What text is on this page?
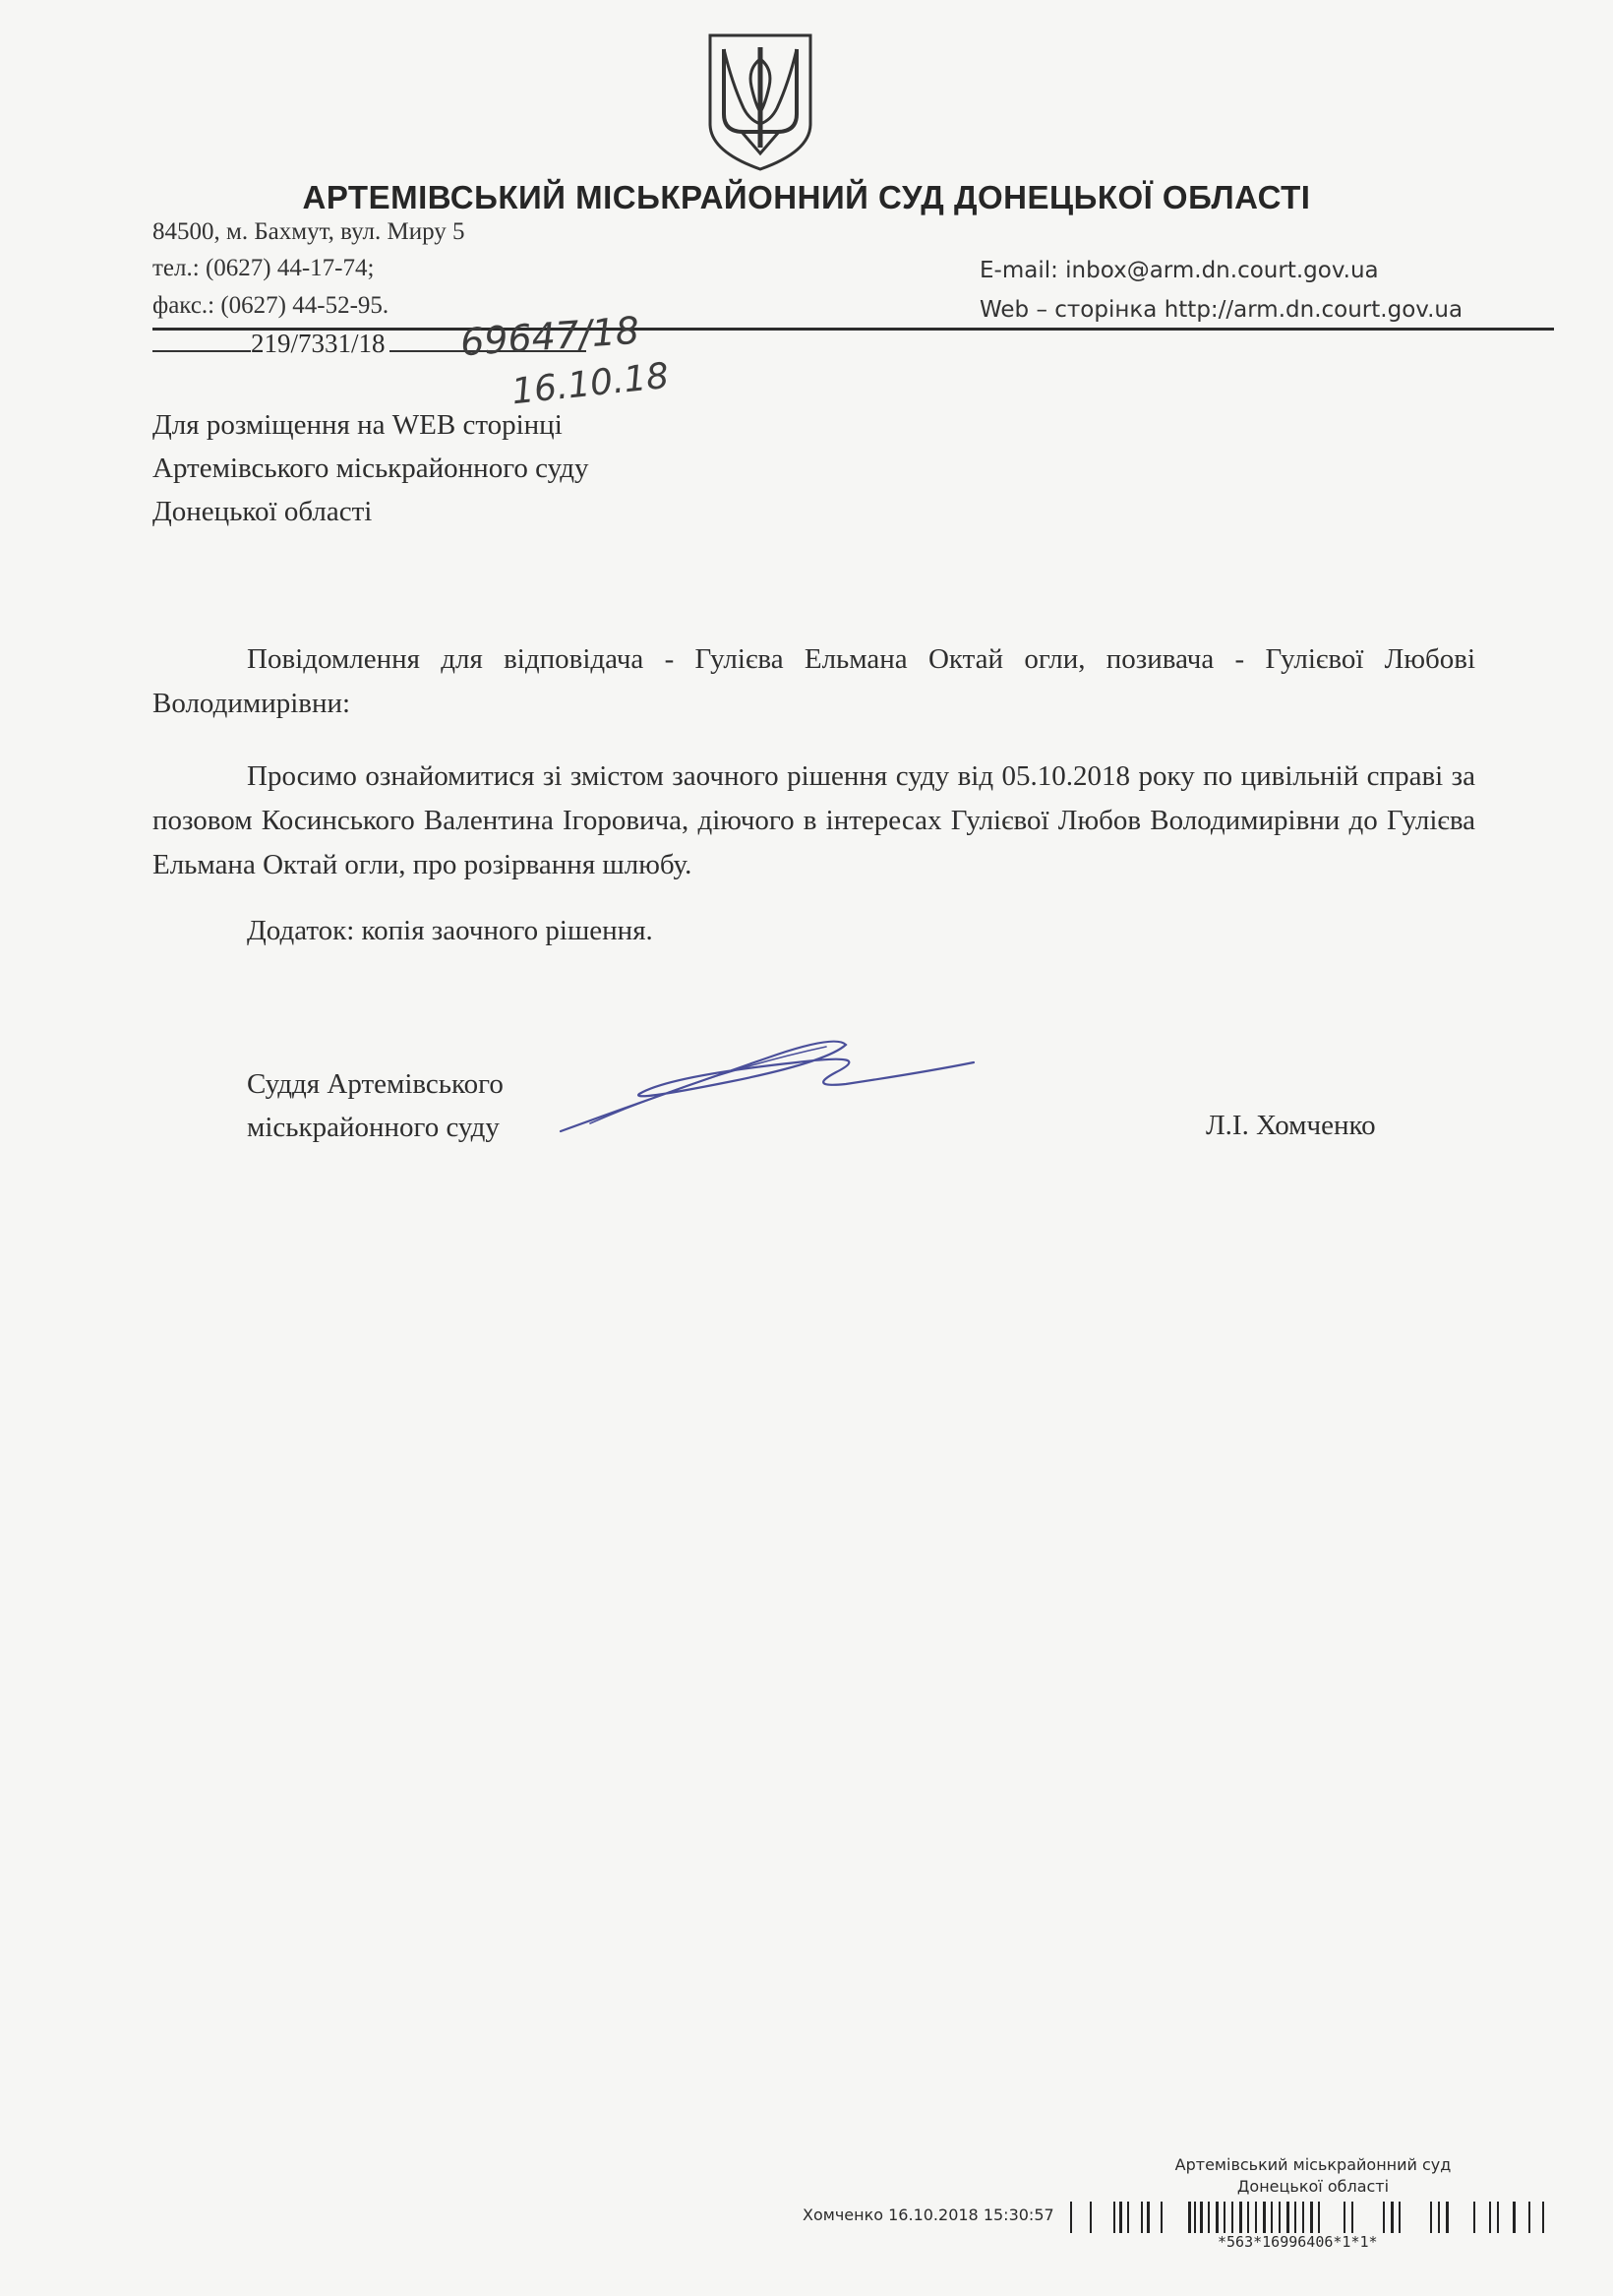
АРТЕМІВСЬКИЙ МІСЬКРАЙОННИЙ СУД ДОНЕЦЬКОЇ ОБЛАСТІ
84500, м. Бахмут, вул. Миру 5
тел.: (0627) 44-17-74;
факс.: (0627) 44-52-95.
E-mail: inbox@arm.dn.court.gov.ua
Web – сторінка http://arm.dn.court.gov.ua
219/7331/18	69647/18
16.10.18
Для розміщення на WEB сторінці
Артемівського міськрайонного суду
Донецької області
Повідомлення для відповідача - Гулієва Ельмана Октай огли, позивача - Гулієвої Любові Володимирівни:
Просимо ознайомитися зі змістом заочного рішення суду від 05.10.2018 року по цивільній справі за позовом Косинського Валентина Ігоровича, діючого в інтересах Гулієвої Любов Володимирівни до Гулієва Ельмана Октай огли, про розірвання шлюбу.
Додаток: копія заочного рішення.
Суддя Артемівського
міськрайонного суду	Л.І. Хомченко
Артемівський міськрайонний суд
Донецької області
Хомченко 16.10.2018 15:30:57
*563*16996406*1*1*
